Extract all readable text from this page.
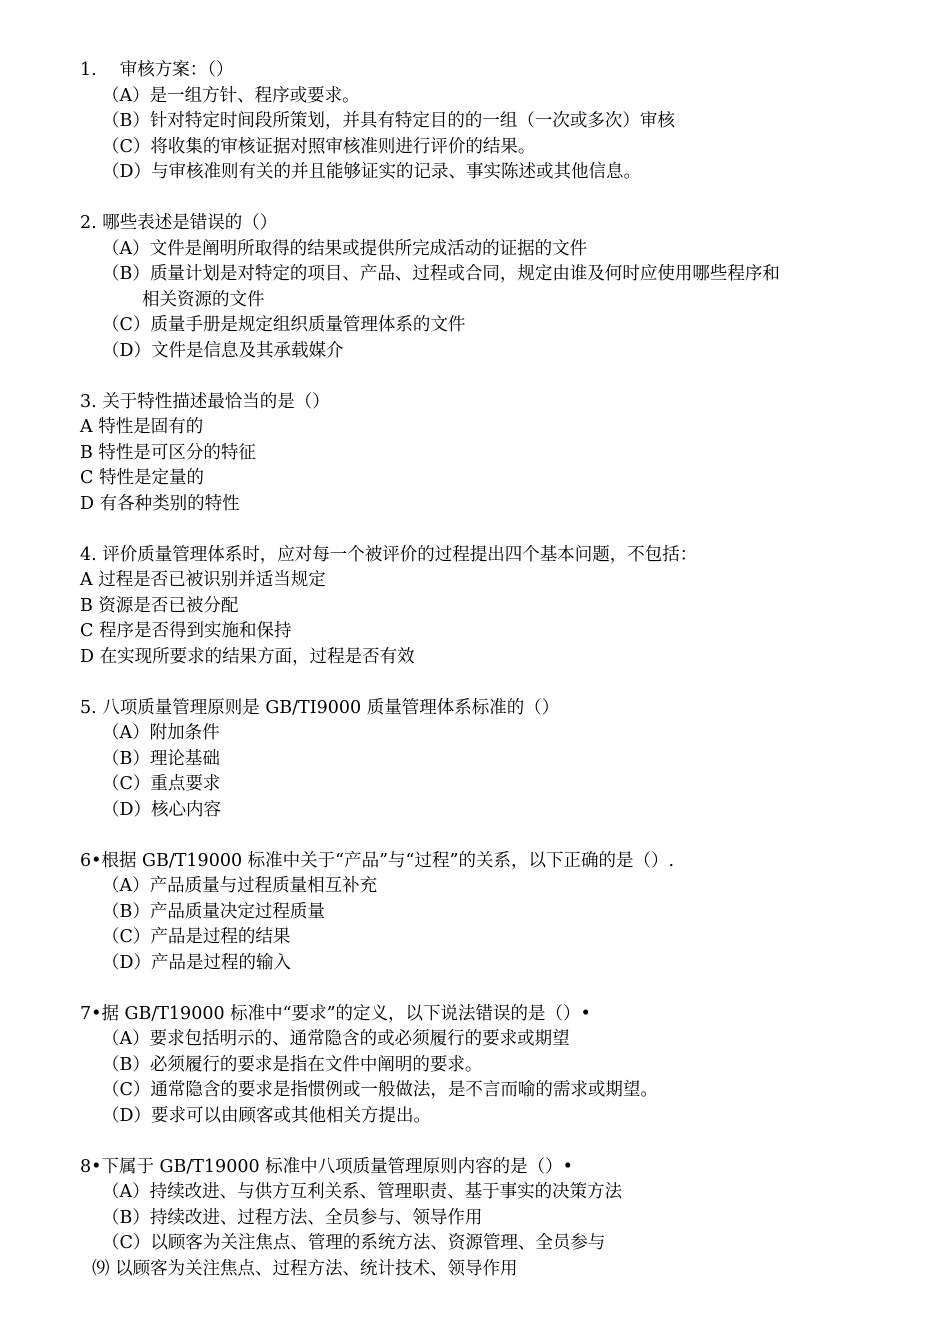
1.　 审核方案：（）
（A）是一组方针、程序或要求。
（B）针对特定时间段所策划，并具有特定目的的一组（一次或多次）审核
（C）将收集的审核证据对照审核准则进行评价的结果。
（D）与审核准则有关的并且能够证实的记录、事实陈述或其他信息。
2. 哪些表述是错误的（）
（A）文件是阐明所取得的结果或提供所完成活动的证据的文件
（B）质量计划是对特定的项目、产品、过程或合同，规定由谁及何时应使用哪些程序和
相关资源的文件
（C）质量手册是规定组织质量管理体系的文件
（D）文件是信息及其承载媒介
3. 关于特性描述最恰当的是（）
A 特性是固有的
B 特性是可区分的特征
C 特性是定量的
D 有各种类别的特性
4. 评价质量管理体系时，应对每一个被评价的过程提出四个基本问题，不包括：
A 过程是否已被识别并适当规定
B 资源是否已被分配
C 程序是否得到实施和保持
D 在实现所要求的结果方面，过程是否有效
5. 八项质量管理原则是 GB/TI9000 质量管理体系标准的（）
（A）附加条件
（B）理论基础
（C）重点要求
（D）核心内容
6•根据 GB/T19000 标准中关于“产品”与“过程”的关系，以下正确的是（）.
（A）产品质量与过程质量相互补充
（B）产品质量决定过程质量
（C）产品是过程的结果
（D）产品是过程的输入
7•据 GB/T19000 标准中“要求”的定义，以下说法错误的是（）•
（A）要求包括明示的、通常隐含的或必须履行的要求或期望
（B）必须履行的要求是指在文件中阐明的要求。
（C）通常隐含的要求是指惯例或一般做法，是不言而喻的需求或期望。
（D）要求可以由顾客或其他相关方提出。
8•下属于 GB/T19000 标准中八项质量管理原则内容的是（）•
（A）持续改进、与供方互利关系、管理职责、基于事实的决策方法
（B）持续改进、过程方法、全员参与、领导作用
（C）以顾客为关注焦点、管理的系统方法、资源管理、全员参与
⑼ 以顾客为关注焦点、过程方法、统计技术、领导作用
